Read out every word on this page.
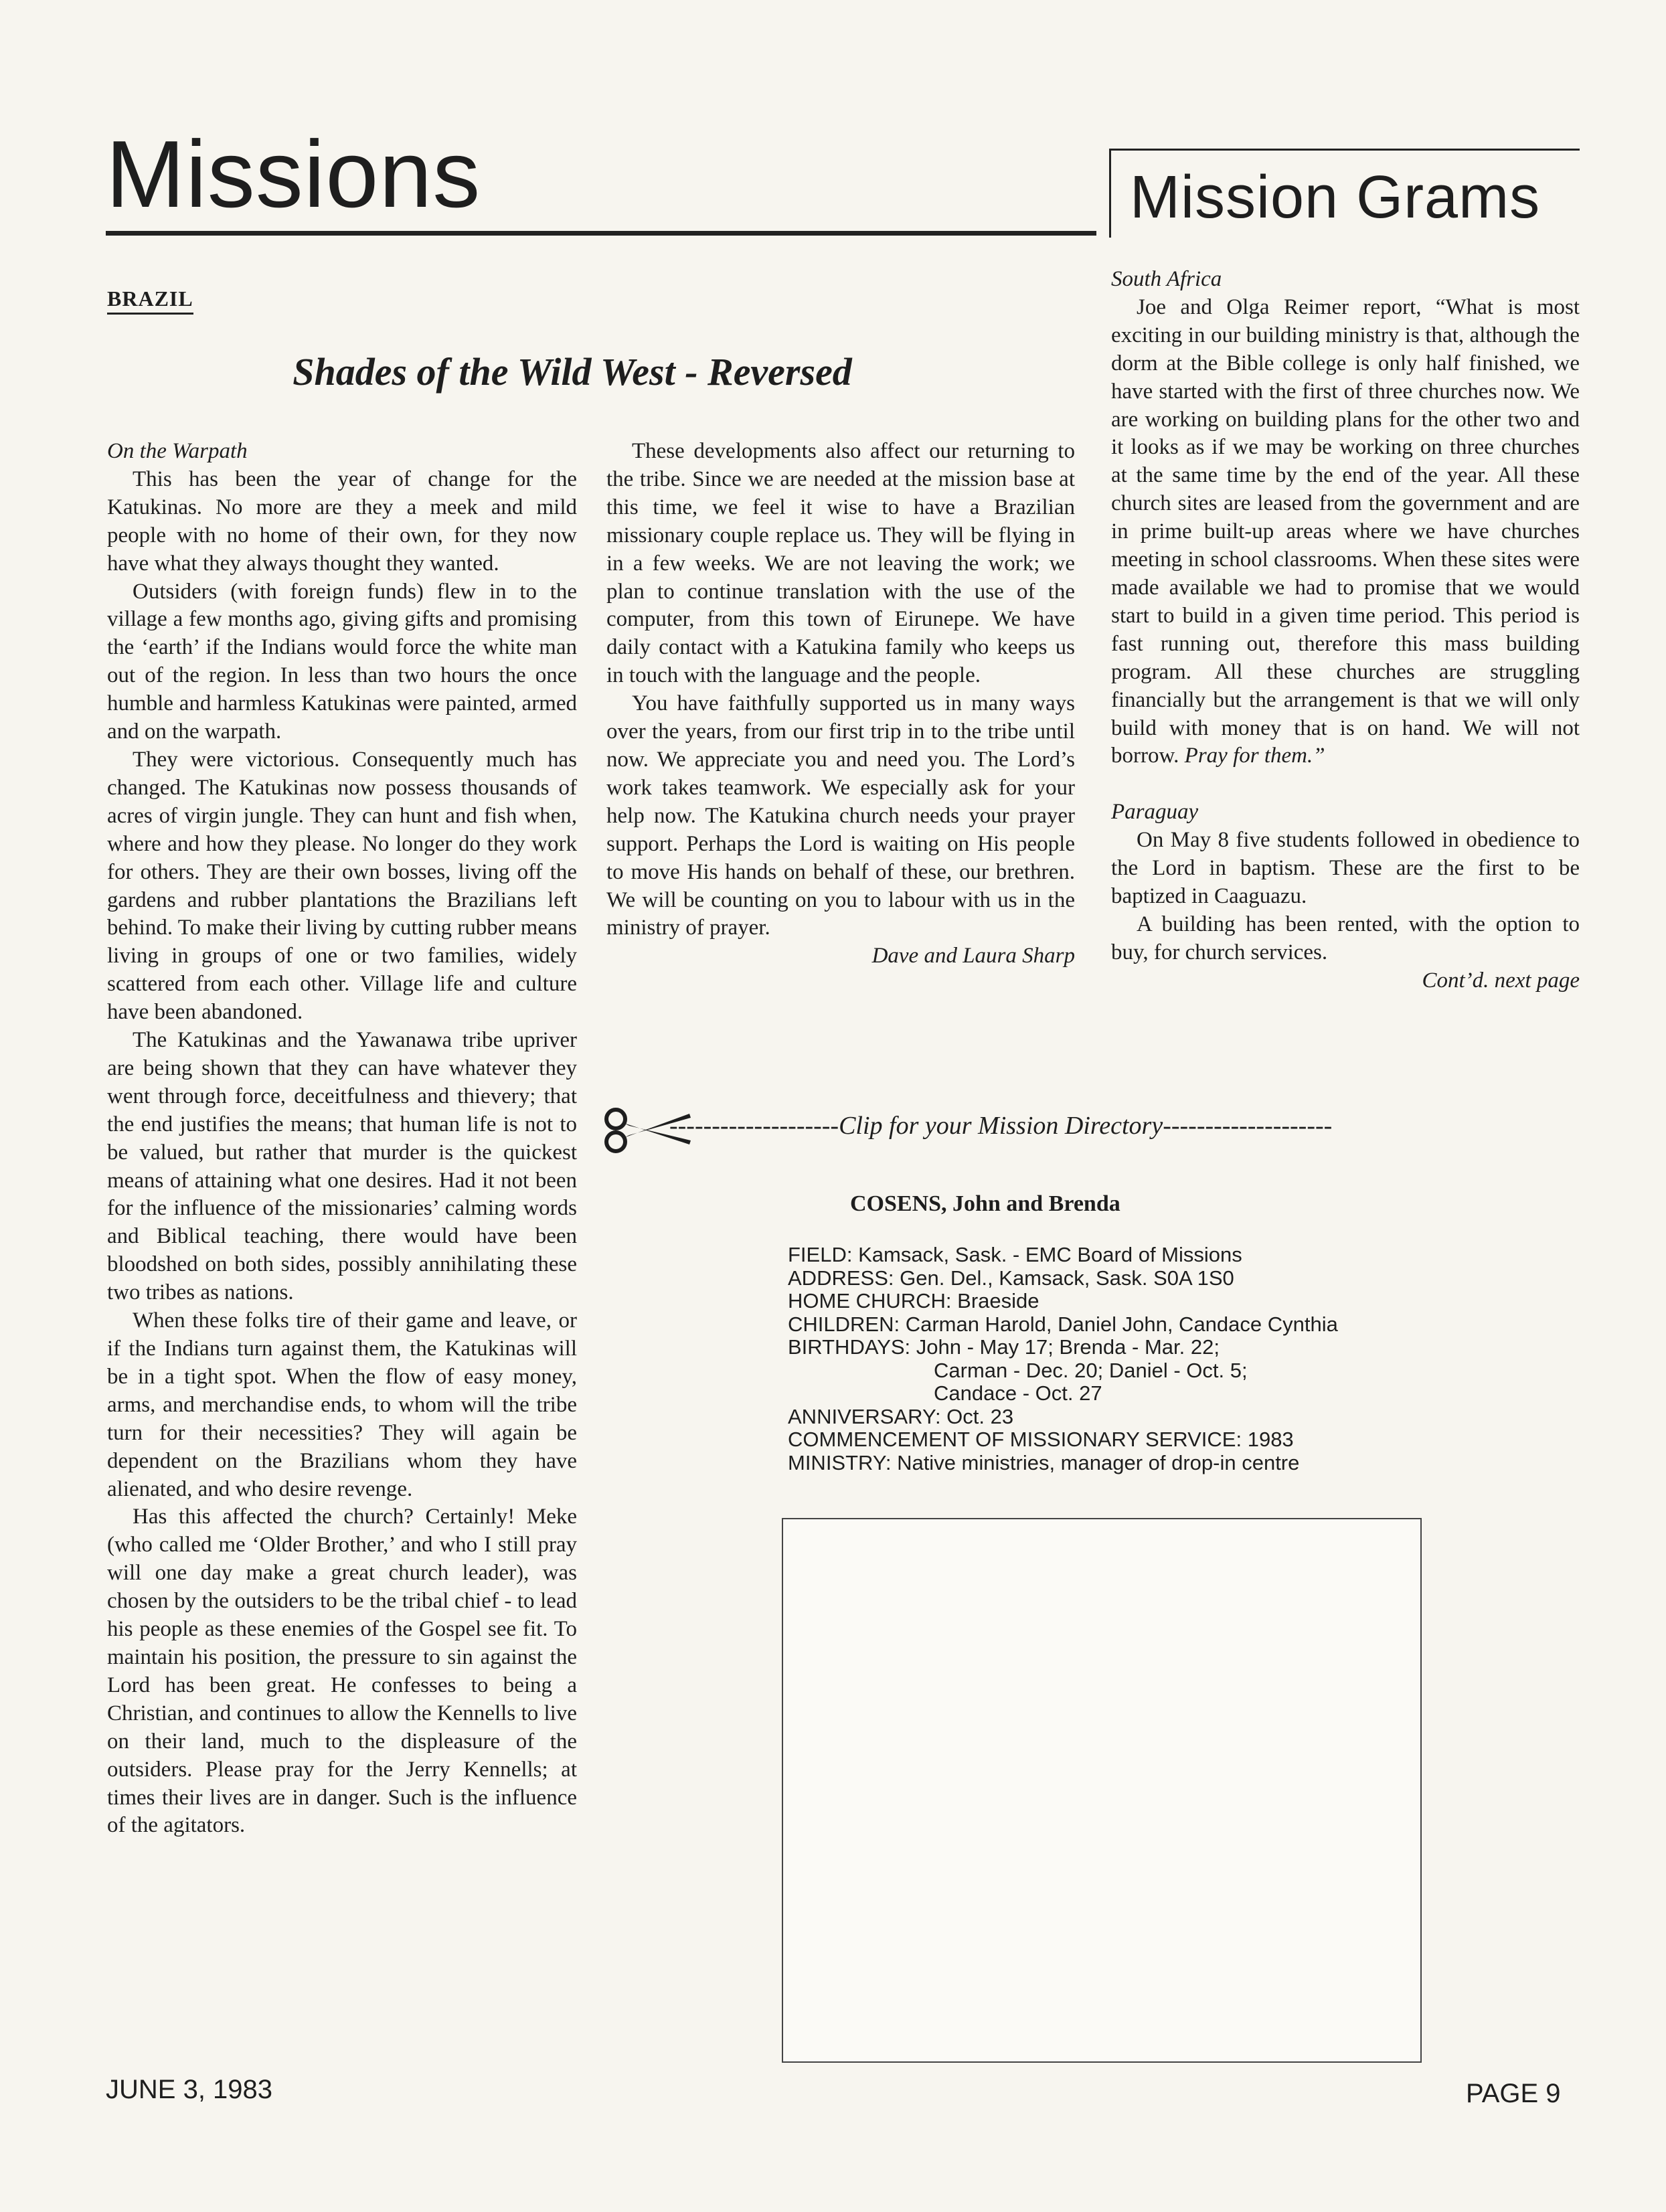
Missions	Mission Grams
BRAZIL
Shades of the Wild West - Reversed

On the Warpath

This has been the year of change for the Katukinas. No more are they a meek and mild people with no home of their own, for they now have what they always thought they wanted.

Outsiders (with foreign funds) flew in to the village a few months ago, giving gifts and promising the ‘earth’ if the Indians would force the white man out of the region. In less than two hours the once humble and harmless Katukinas were painted, armed and on the warpath.

They were victorious. Consequently much has changed. The Katukinas now possess thousands of acres of virgin jungle. They can hunt and fish when, where and how they please. No longer do they work for others. They are their own bosses, living off the gardens and rubber plantations the Brazilians left behind. To make their living by cutting rubber means living in groups of one or two families, widely scattered from each other. Village life and culture have been abandoned.

The Katukinas and the Yawanawa tribe upriver are being shown that they can have whatever they went through force, deceitfulness and thievery; that the end justifies the means; that human life is not to be valued, but rather that murder is the quickest means of attaining what one desires. Had it not been for the influence of the missionaries’ calming words and Biblical teaching, there would have been bloodshed on both sides, possibly annihilating these two tribes as nations.

When these folks tire of their game and leave, or if the Indians turn against them, the Katukinas will be in a tight spot. When the flow of easy money, arms, and merchandise ends, to whom will the tribe turn for their necessities? They will again be dependent on the Brazilians whom they have alienated, and who desire revenge.

Has this affected the church? Certainly! Meke (who called me ‘Older Brother,’ and who I still pray will one day make a great church leader), was chosen by the outsiders to be the tribal chief - to lead his people as these enemies of the Gospel see fit. To maintain his position, the pressure to sin against the Lord has been great. He confesses to being a Christian, and continues to allow the Kennells to live on their land, much to the displeasure of the outsiders. Please pray for the Jerry Kennells; at times their lives are in danger. Such is the influence of the agitators.

These developments also affect our returning to the tribe. Since we are needed at the mission base at this time, we feel it wise to have a Brazilian missionary couple replace us. They will be flying in in a few weeks. We are not leaving the work; we plan to continue translation with the use of the computer, from this town of Eirunepe. We have daily contact with a Katukina family who keeps us in touch with the language and the people.

You have faithfully supported us in many ways over the years, from our first trip in to the tribe until now. We appreciate you and need you. The Lord’s work takes teamwork. We especially ask for your help now. The Katukina church needs your prayer support. Perhaps the Lord is waiting on His people to move His hands on behalf of these, our brethren. We will be counting on you to labour with us in the ministry of prayer.

Dave and Laura Sharp

South Africa

Joe and Olga Reimer report, “What is most exciting in our building ministry is that, although the dorm at the Bible college is only half finished, we have started with the first of three churches now. We are working on building plans for the other two and it looks as if we may be working on three churches at the same time by the end of the year. All these church sites are leased from the government and are in prime built-up areas where we have churches meeting in school classrooms. When these sites were made available we had to promise that we would start to build in a given time period. This period is fast running out, therefore this mass building program. All these churches are struggling financially but the arrangement is that we will only build with money that is on hand. We will not borrow. Pray for them.”

Paraguay

On May 8 five students followed in obedience to the Lord in baptism. These are the first to be baptized in Caaguazu.

A building has been rented, with the option to buy, for church services.

Cont’d. next page

--------------------Clip for your Mission Directory--------------------
COSENS, John and Brenda
FIELD: Kamsack, Sask. - EMC Board of Missions
ADDRESS: Gen. Del., Kamsack, Sask. S0A 1S0
HOME CHURCH: Braeside
CHILDREN: Carman Harold, Daniel John, Candace Cynthia
BIRTHDAYS: John - May 17; Brenda - Mar. 22;
Carman - Dec. 20; Daniel - Oct. 5;
Candace - Oct. 27
ANNIVERSARY: Oct. 23
COMMENCEMENT OF MISSIONARY SERVICE: 1983
MINISTRY: Native ministries, manager of drop-in centre
JUNE 3, 1983	PAGE 9
